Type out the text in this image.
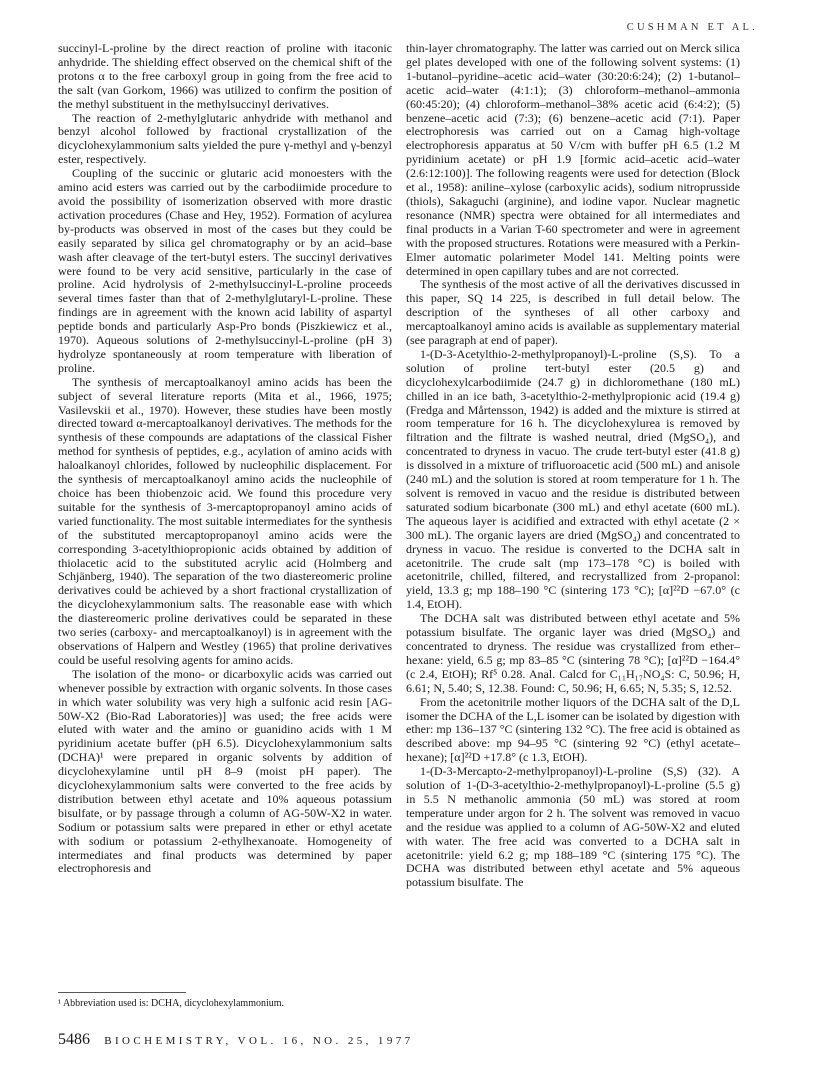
CUSHMAN ET AL.

succinyl-L-proline by the direct reaction of proline with itaconic anhydride. The shielding effect observed on the chemical shift of the protons α to the free carboxyl group in going from the free acid to the salt (van Gorkom, 1966) was utilized to confirm the position of the methyl substituent in the methylsuccinyl derivatives.

The reaction of 2-methylglutaric anhydride with methanol and benzyl alcohol followed by fractional crystallization of the dicyclohexylammonium salts yielded the pure γ-methyl and γ-benzyl ester, respectively.

Coupling of the succinic or glutaric acid monoesters with the amino acid esters was carried out by the carbodiimide procedure to avoid the possibility of isomerization observed with more drastic activation procedures (Chase and Hey, 1952). Formation of acylurea by-products was observed in most of the cases but they could be easily separated by silica gel chromatography or by an acid–base wash after cleavage of the tert-butyl esters. The succinyl derivatives were found to be very acid sensitive, particularly in the case of proline. Acid hydrolysis of 2-methylsuccinyl-L-proline proceeds several times faster than that of 2-methylglutaryl-L-proline. These findings are in agreement with the known acid lability of aspartyl peptide bonds and particularly Asp-Pro bonds (Piszkiewicz et al., 1970). Aqueous solutions of 2-methylsuccinyl-L-proline (pH 3) hydrolyze spontaneously at room temperature with liberation of proline.

The synthesis of mercaptoalkanoyl amino acids has been the subject of several literature reports (Mita et al., 1966, 1975; Vasilevskii et al., 1970). However, these studies have been mostly directed toward α-mercaptoalkanoyl derivatives. The methods for the synthesis of these compounds are adaptations of the classical Fisher method for synthesis of peptides, e.g., acylation of amino acids with haloalkanoyl chlorides, followed by nucleophilic displacement. For the synthesis of mercaptoalkanoyl amino acids the nucleophile of choice has been thiobenzoic acid. We found this procedure very suitable for the synthesis of 3-mercaptopropanoyl amino acids of varied functionality. The most suitable intermediates for the synthesis of the substituted mercaptopropanoyl amino acids were the corresponding 3-acetylthiopropionic acids obtained by addition of thiolacetic acid to the substituted acrylic acid (Holmberg and Schjänberg, 1940). The separation of the two diastereomeric proline derivatives could be achieved by a short fractional crystallization of the dicyclohexylammonium salts. The reasonable ease with which the diastereomeric proline derivatives could be separated in these two series (carboxy- and mercaptoalkanoyl) is in agreement with the observations of Halpern and Westley (1965) that proline derivatives could be useful resolving agents for amino acids.

The isolation of the mono- or dicarboxylic acids was carried out whenever possible by extraction with organic solvents. In those cases in which water solubility was very high a sulfonic acid resin [AG-50W-X2 (Bio-Rad Laboratories)] was used; the free acids were eluted with water and the amino or guanidino acids with 1 M pyridinium acetate buffer (pH 6.5). Dicyclohexylammonium salts (DCHA)¹ were prepared in organic solvents by addition of dicyclohexylamine until pH 8–9 (moist pH paper). The dicyclohexylammonium salts were converted to the free acids by distribution between ethyl acetate and 10% aqueous potassium bisulfate, or by passage through a column of AG-50W-X2 in water. Sodium or potassium salts were prepared in ether or ethyl acetate with sodium or potassium 2-ethylhexanoate. Homogeneity of intermediates and final products was determined by paper electrophoresis and

¹ Abbreviation used is: DCHA, dicyclohexylammonium.

thin-layer chromatography. The latter was carried out on Merck silica gel plates developed with one of the following solvent systems: (1) 1-butanol–pyridine–acetic acid–water (30:20:6:24); (2) 1-butanol–acetic acid–water (4:1:1); (3) chloroform–methanol–ammonia (60:45:20); (4) chloroform–methanol–38% acetic acid (6:4:2); (5) benzene–acetic acid (7:3); (6) benzene–acetic acid (7:1). Paper electrophoresis was carried out on a Camag high-voltage electrophoresis apparatus at 50 V/cm with buffer pH 6.5 (1.2 M pyridinium acetate) or pH 1.9 [formic acid–acetic acid–water (2.6:12:100)]. The following reagents were used for detection (Block et al., 1958): aniline–xylose (carboxylic acids), sodium nitroprusside (thiols), Sakaguchi (arginine), and iodine vapor. Nuclear magnetic resonance (NMR) spectra were obtained for all intermediates and final products in a Varian T-60 spectrometer and were in agreement with the proposed structures. Rotations were measured with a Perkin-Elmer automatic polarimeter Model 141. Melting points were determined in open capillary tubes and are not corrected.

The synthesis of the most active of all the derivatives discussed in this paper, SQ 14 225, is described in full detail below. The description of the syntheses of all other carboxy and mercaptoalkanoyl amino acids is available as supplementary material (see paragraph at end of paper).

1-(D-3-Acetylthio-2-methylpropanoyl)-L-proline (S,S). To a solution of proline tert-butyl ester (20.5 g) and dicyclohexylcarbodiimide (24.7 g) in dichloromethane (180 mL) chilled in an ice bath, 3-acetylthio-2-methylpropionic acid (19.4 g) (Fredga and Mårtensson, 1942) is added and the mixture is stirred at room temperature for 16 h. The dicyclohexylurea is removed by filtration and the filtrate is washed neutral, dried (MgSO₄), and concentrated to dryness in vacuo. The crude tert-butyl ester (41.8 g) is dissolved in a mixture of trifluoroacetic acid (500 mL) and anisole (240 mL) and the solution is stored at room temperature for 1 h. The solvent is removed in vacuo and the residue is distributed between saturated sodium bicarbonate (300 mL) and ethyl acetate (600 mL). The aqueous layer is acidified and extracted with ethyl acetate (2 × 300 mL). The organic layers are dried (MgSO₄) and concentrated to dryness in vacuo. The residue is converted to the DCHA salt in acetonitrile. The crude salt (mp 173–178 °C) is boiled with acetonitrile, chilled, filtered, and recrystallized from 2-propanol: yield, 13.3 g; mp 188–190 °C (sintering 173 °C); [α]²²D −67.0° (c 1.4, EtOH).

The DCHA salt was distributed between ethyl acetate and 5% potassium bisulfate. The organic layer was dried (MgSO₄) and concentrated to dryness. The residue was crystallized from ether–hexane: yield, 6.5 g; mp 83–85 °C (sintering 78 °C); [α]²²D −164.4° (c 2.4, EtOH); Rf⁵ 0.28. Anal. Calcd for C₁₁H₁₇NO₄S: C, 50.96; H, 6.61; N, 5.40; S, 12.38. Found: C, 50.96; H, 6.65; N, 5.35; S, 12.52.

From the acetonitrile mother liquors of the DCHA salt of the D,L isomer the DCHA of the L,L isomer can be isolated by digestion with ether: mp 136–137 °C (sintering 132 °C). The free acid is obtained as described above: mp 94–95 °C (sintering 92 °C) (ethyl acetate–hexane); [α]²²D +17.8° (c 1.3, EtOH).

1-(D-3-Mercapto-2-methylpropanoyl)-L-proline (S,S) (32). A solution of 1-(D-3-acetylthio-2-methylpropanoyl)-L-proline (5.5 g) in 5.5 N methanolic ammonia (50 mL) was stored at room temperature under argon for 2 h. The solvent was removed in vacuo and the residue was applied to a column of AG-50W-X2 and eluted with water. The free acid was converted to a DCHA salt in acetonitrile: yield 6.2 g; mp 188–189 °C (sintering 175 °C). The DCHA was distributed between ethyl acetate and 5% aqueous potassium bisulfate. The

5486 BIOCHEMISTRY, VOL. 16, NO. 25, 1977
